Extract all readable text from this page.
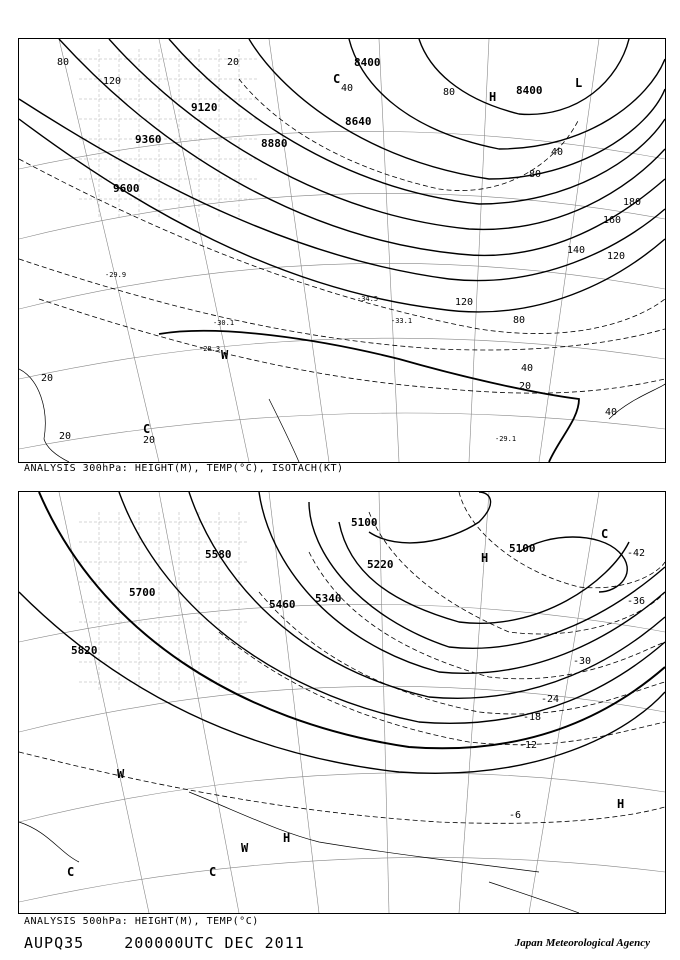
8400
9120
9360	8880
8640
9600
8400
80
120
40
20
40
80
120
160
180
140
120
80
40
20
20
20	20
40
80
-28.3
-29.9
-30.1	-33.1
-34.5
-29.1
C
H
L
W
C
ANALYSIS 300hPa: HEIGHT(M), TEMP(°C), ISOTACH(KT)
5100
5220
5340
5460
5580
5700
5820
5100	-42
-36
-30
-24
-18
-12
-6
H
H
W
W
H
C	C
C
ANALYSIS 500hPa: HEIGHT(M), TEMP(°C)
AUPQ35	200000UTC DEC 2011	Japan Meteorological Agency
